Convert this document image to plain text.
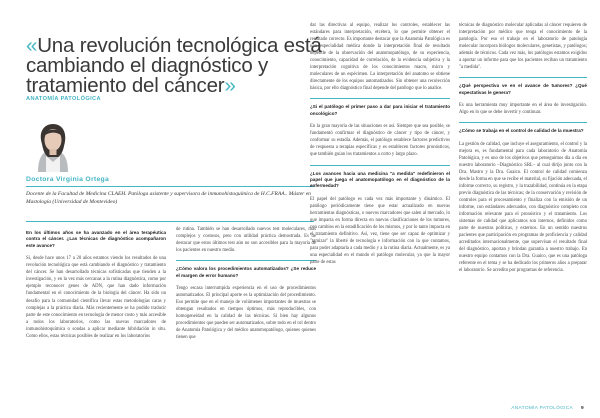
«Una revolución tecnológica está cambiando el diagnóstico y tratamiento del cáncer»
ANATOMÍA PATOLÓGICA
Doctora Virginia Ortega
Docente de la Facultad de Medicina CLAEH. Patóloga asistente y supervisora de inmunohistoquímica de H.C.FRAA.. Máster en Mastología (Universidad de Montevideo)
En los últimos años se ha avanzado en el área terapéutica contra el cáncer. ¿Las técnicas de diagnóstico acompañaron este avance?

Sí, desde hace unos 17 a 20 años estamos viendo los resultados de una revolución tecnológica que está cambiando el diagnóstico y tratamiento del cáncer. Se han desarrollado técnicas sofisticadas que tienden a la investigación, y en la vez más cercanas a la rutina diagnóstica, como por ejemplo reconocer genes de ADN, que han dado información fundamental en el conocimiento de la biología del cáncer. Ha sido un desafío para la comunidad científica llevar estas metodologías caras y complejas a la práctica diaria. Más recientemente se ha podido traducir parte de este conocimiento en tecnología de menor costo y más accesible a todos los laboratorios, como las nuevas marcadores de inmunohistoquímica o sondas a aplicar mediante hibridación in situ. Como ellos, estas técnicas posibles de realizar en los laboratorios

de rutina. También se han desarrollado nuevos test moleculares, más complejos y costosos, pero con utilidad práctica demostrada. Es de destacar que estos últimos test aún no son accesibles para la mayoría de los pacientes en nuestro medio.

¿Cómo valora los procedimientos automatizados? ¿Se reduce el margen de error humano?

Tengo escasa interrumpida experiencia en el uso de procedimientos automatizados. El principal aporte es la optimización del procedimiento. Eso permite que en el manejo de volúmenes importantes de muestras se obtengan resultados en tiempos óptimos, más reproducibles, con homogeneidad en la calidad de las técnicas. Si bien hay algunos procedimientos que pueden ser automatizados, sobre todo en el rol dentro de Anatomía Patológica y del médico anatomopatólogo, quienes quienes tienen que

dar las directivas al equipo, realizar los controles, establecer las estándares para interpretación, etcétera, lo que permite obtener el resultado correcto. Es importante destacar que la Anatomía Patológica es una especialidad médica donde la interpretación final de resultado depende de la observación del anatomopatólogo, de su experiencia, conocimiento, capacidad de correlación, de la evidencia subjetiva y la interpretación cognitiva de los conocimientos macro, micro y moleculares de un espécimen. La interpretación del anatomo se obtiene directamente de los equipos automatizados. Sin obtener una recolección básica, por ello diagnóstico final depende del patólogo que lo analice.

¿Si el patólogo el primer paso a dar para iniciar el tratamiento oncológico?

En la gran mayoría de las situaciones es así. Siempre que sea posible, se fundamentó confirmar el diagnóstico de cáncer y tipo de cáncer, y conformar su estadía. Además, el patólogo establece factores predictivos de respuesta a terapias específicas y es establecen factores pronósticos, que también guían los tratamientos a corto y largo plazo.

¿Los avances hacia una medicina "a medida" redefinieron el papel que juega el anatomopatólogo en el diagnóstico de la enfermedad?

El papel del patólogo es cada vez más importante y dinámico. El patólogo periódicamente tiene que estar actualizado en nuevas herramientas diagnósticas, o nuevos marcadores que salen al mercado, lo que impacta en forma directa en nuevas clasificaciones de los tumores, con cambios en la estadificación de los mismos, y por lo tanto impacta en el tratamiento definitivo. Así, vez, tiene que ser capaz de optimizar y "tamizar" la liberté de tecnología e información con la que contamos, para poder adaptarla a cada medio y a la rutina diaria. Actualmente, es ya una especialidad en el mundo el patólogo molecular, ya que la mayor parte de estas

técnicas de diagnóstico molecular aplicadas al cáncer requieren de interpretación por médico que tenga el conocimiento de la patología. Por eso el trabajo en el laboratorio de patología molecular incorpora biólogos moleculares, genetistas, y patólogos; además de técnicos. Cada vez más, los patólogos estamos exigidos a aportar un informe para que los pacientes reciban un tratamiento "a medida".

¿Qué perspectiva ve en el avance de tumores? ¿Qué expectativas le genera?

Es una herramienta muy importante en el área de investigación. Algo en lo que se debe invertir y continuar.

¿Cómo se trabaja en el control de calidad de la muestra?

La gestión de calidad, que incluye el aseguramiento, el control y la mejora es, es fundamental para cada laboratorio de Anatomía Patológica, y es uno de los objetivos que perseguimos día a día en nuestro laboratorio –Diagnóstico SRL– al cual dirijo junto con la Dra. Mastro y la Dra. Guaico. El control de calidad comienza desde la forma en que se recibe el material, su fijación adecuada, el informe correcto, su registro, y la trazabilidad, continúa en la etapa previo diagnóstica de las técnicas; de la conservación y revisión de controles para el procesamiento y finaliza con la emisión de un informe, con estándares adecuados, con diagnóstico completo con información relevante para el pronóstico y el tratamiento. Los sistemas de calidad que aplicamos son internos, definidos como parte de nuestras políticas, y externos. En un sentido nuestros pacientes que participación en programas de proficiencia y calidad acreditados internacionalmente, que supervisan el resultado final del diagnóstico, aportan y brindan garantía a nuestro trabajo. En nuestro equipo contamos con la Dra. Guaico, que es una patóloga referente en el tema y se ha dedicado los primeros años a preparar el laboratorio. Se acredito por programas de referencia.

ANATOMÍA PATOLÓGICA 9
